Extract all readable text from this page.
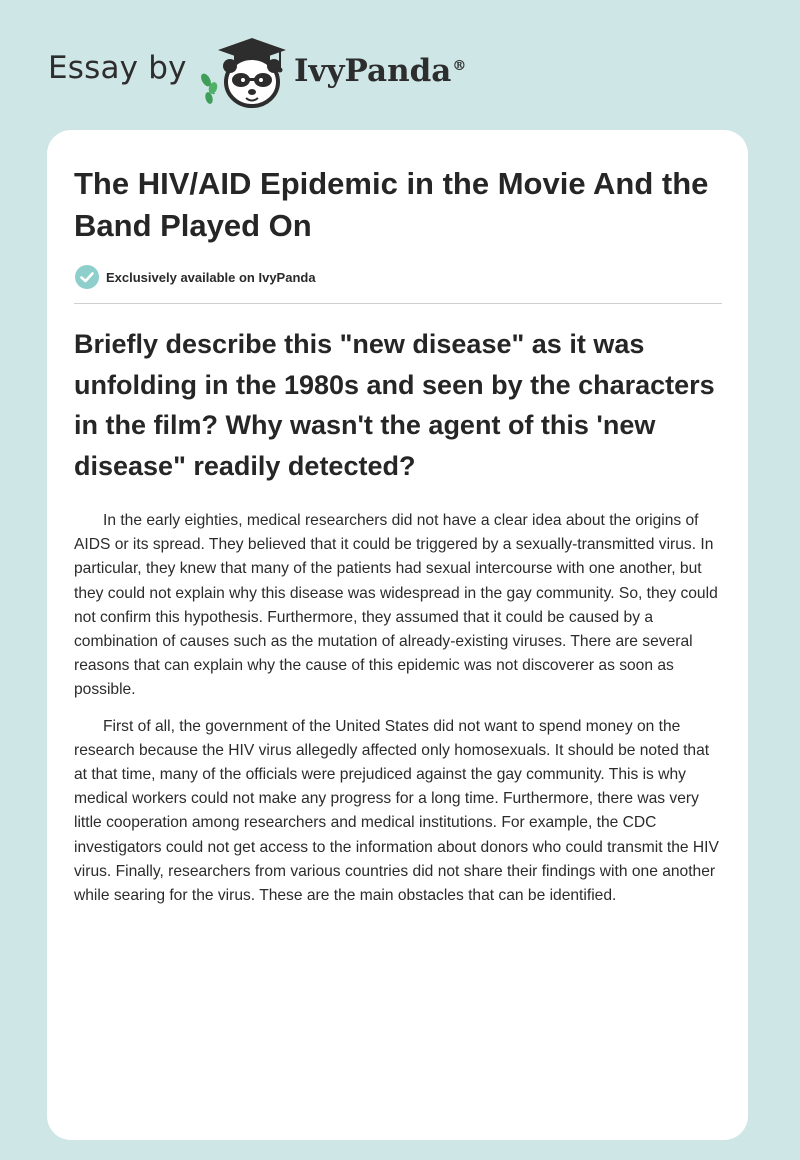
Essay by	IvyPanda®
The HIV/AID Epidemic in the Movie And the Band Played On
Exclusively available on IvyPanda
Briefly describe this "new disease" as it was unfolding in the 1980s and seen by the characters in the film? Why wasn't the agent of this 'new disease" readily detected?

In the early eighties, medical researchers did not have a clear idea about the origins of AIDS or its spread. They believed that it could be triggered by a sexually-transmitted virus. In particular, they knew that many of the patients had sexual intercourse with one another, but they could not explain why this disease was widespread in the gay community. So, they could not confirm this hypothesis. Furthermore, they assumed that it could be caused by a combination of causes such as the mutation of already-existing viruses. There are several reasons that can explain why the cause of this epidemic was not discoverer as soon as possible.

First of all, the government of the United States did not want to spend money on the research because the HIV virus allegedly affected only homosexuals. It should be noted that at that time, many of the officials were prejudiced against the gay community. This is why medical workers could not make any progress for a long time. Furthermore, there was very little cooperation among researchers and medical institutions. For example, the CDC investigators could not get access to the information about donors who could transmit the HIV virus. Finally, researchers from various countries did not share their findings with one another while searing for the virus. These are the main obstacles that can be identified.
